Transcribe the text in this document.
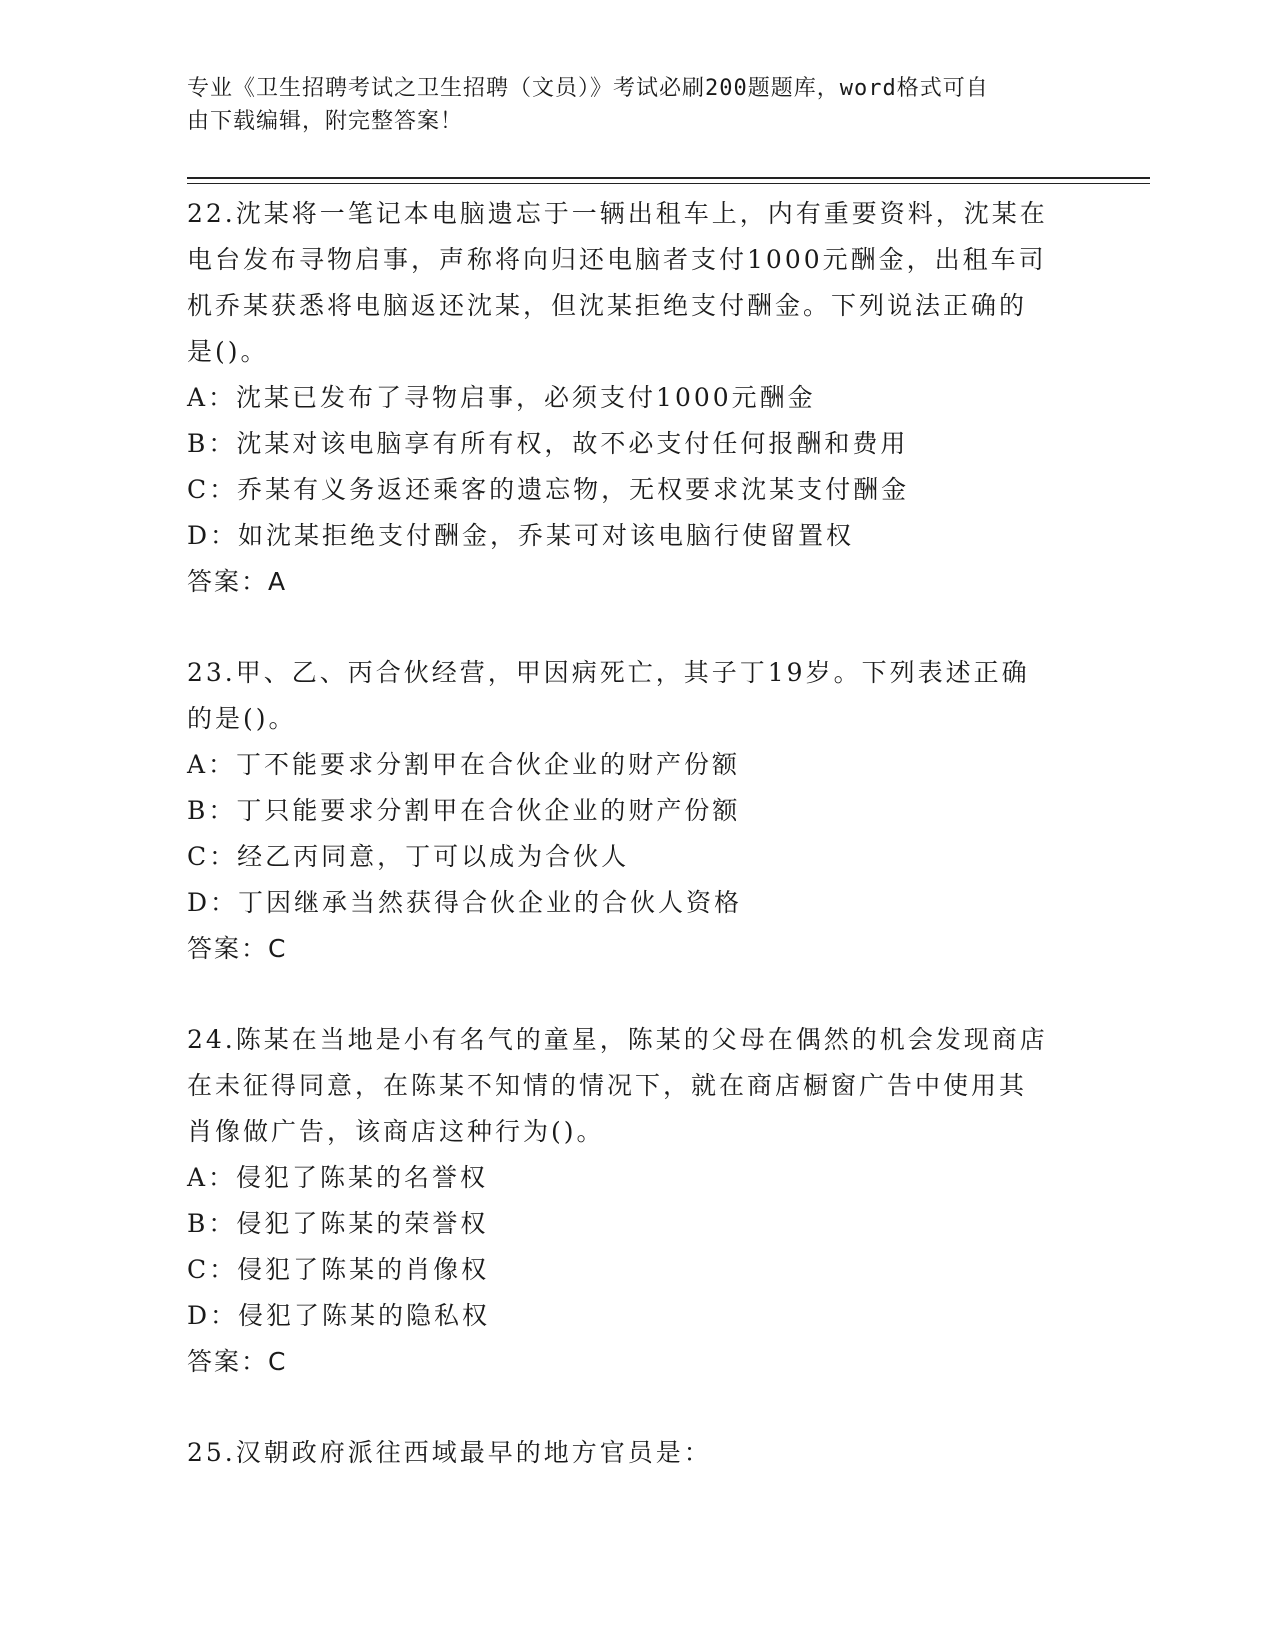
专业《卫生招聘考试之卫生招聘（文员）》考试必刷200题题库，word格式可自
由下载编辑，附完整答案！
22.沈某将一笔记本电脑遗忘于一辆出租车上，内有重要资料，沈某在
电台发布寻物启事，声称将向归还电脑者支付1000元酬金，出租车司
机乔某获悉将电脑返还沈某，但沈某拒绝支付酬金。下列说法正确的
是()。
A：沈某已发布了寻物启事，必须支付1000元酬金
B：沈某对该电脑享有所有权，故不必支付任何报酬和费用
C：乔某有义务返还乘客的遗忘物，无权要求沈某支付酬金
D：如沈某拒绝支付酬金，乔某可对该电脑行使留置权
答案：A
23.甲、乙、丙合伙经营，甲因病死亡，其子丁19岁。下列表述正确
的是()。
A：丁不能要求分割甲在合伙企业的财产份额
B：丁只能要求分割甲在合伙企业的财产份额
C：经乙丙同意，丁可以成为合伙人
D：丁因继承当然获得合伙企业的合伙人资格
答案：C
24.陈某在当地是小有名气的童星，陈某的父母在偶然的机会发现商店
在未征得同意，在陈某不知情的情况下，就在商店橱窗广告中使用其
肖像做广告，该商店这种行为()。
A：侵犯了陈某的名誉权
B：侵犯了陈某的荣誉权
C：侵犯了陈某的肖像权
D：侵犯了陈某的隐私权
答案：C
25.汉朝政府派往西域最早的地方官员是：
